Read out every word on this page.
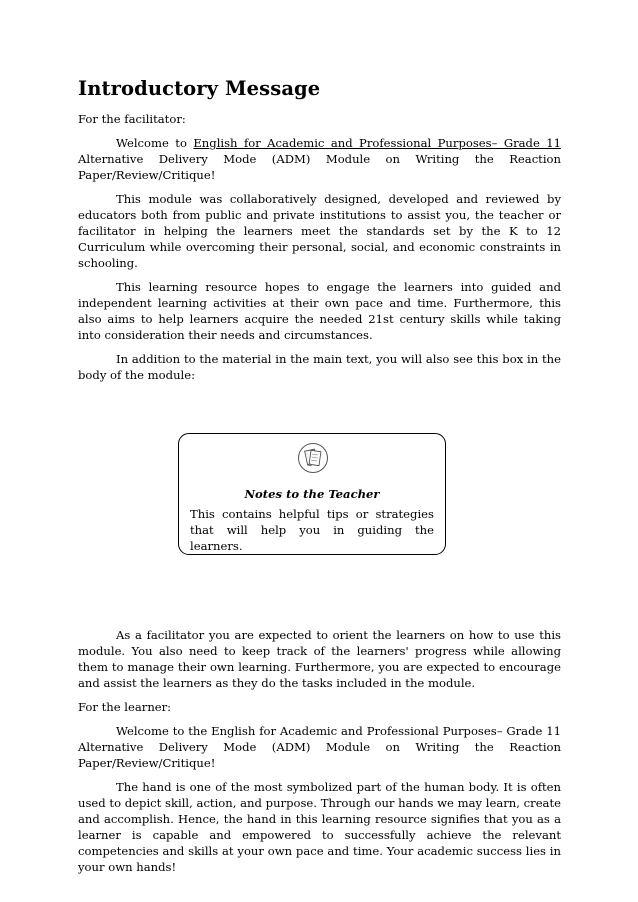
Introductory Message

For the facilitator:

Welcome to English for Academic and Professional Purposes– Grade 11 Alternative Delivery Mode (ADM) Module on Writing the Reaction Paper/Review/Critique!

This module was collaboratively designed, developed and reviewed by educators both from public and private institutions to assist you, the teacher or facilitator in helping the learners meet the standards set by the K to 12 Curriculum while overcoming their personal, social, and economic constraints in schooling.

This learning resource hopes to engage the learners into guided and independent learning activities at their own pace and time. Furthermore, this also aims to help learners acquire the needed 21st century skills while taking into consideration their needs and circumstances.

In addition to the material in the main text, you will also see this box in the body of the module:

Notes to the Teacher
This contains helpful tips or strategies that will help you in guiding the learners.

As a facilitator you are expected to orient the learners on how to use this module. You also need to keep track of the learners' progress while allowing them to manage their own learning. Furthermore, you are expected to encourage and assist the learners as they do the tasks included in the module.

For the learner:

Welcome to the English for Academic and Professional Purposes– Grade 11 Alternative Delivery Mode (ADM) Module on Writing the Reaction Paper/Review/Critique!

The hand is one of the most symbolized part of the human body. It is often used to depict skill, action, and purpose. Through our hands we may learn, create and accomplish. Hence, the hand in this learning resource signifies that you as a learner is capable and empowered to successfully achieve the relevant competencies and skills at your own pace and time. Your academic success lies in your own hands!
